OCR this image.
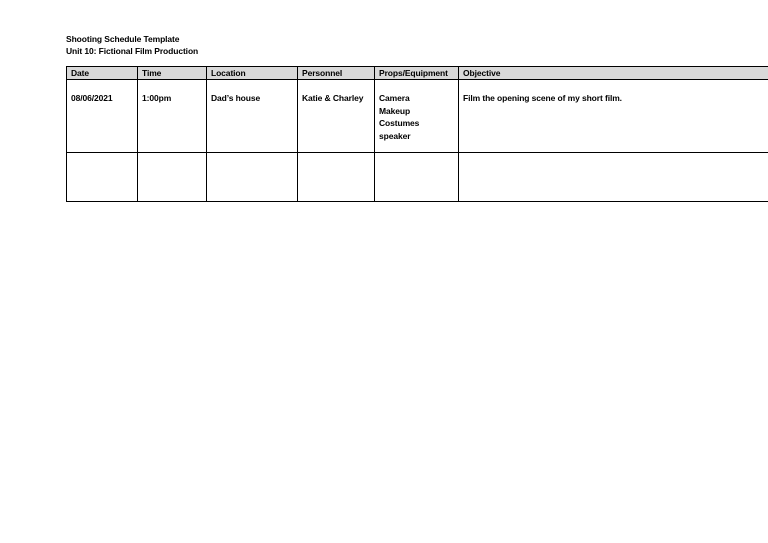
Shooting Schedule Template
Unit 10: Fictional Film Production
Date	Time	Location	Personnel	Props/Equipment	Objective
08/06/2021	1:00pm	Dad’s house	Katie & Charley	Camera
Makeup
Costumes
speaker	Film the opening scene of my short film.
